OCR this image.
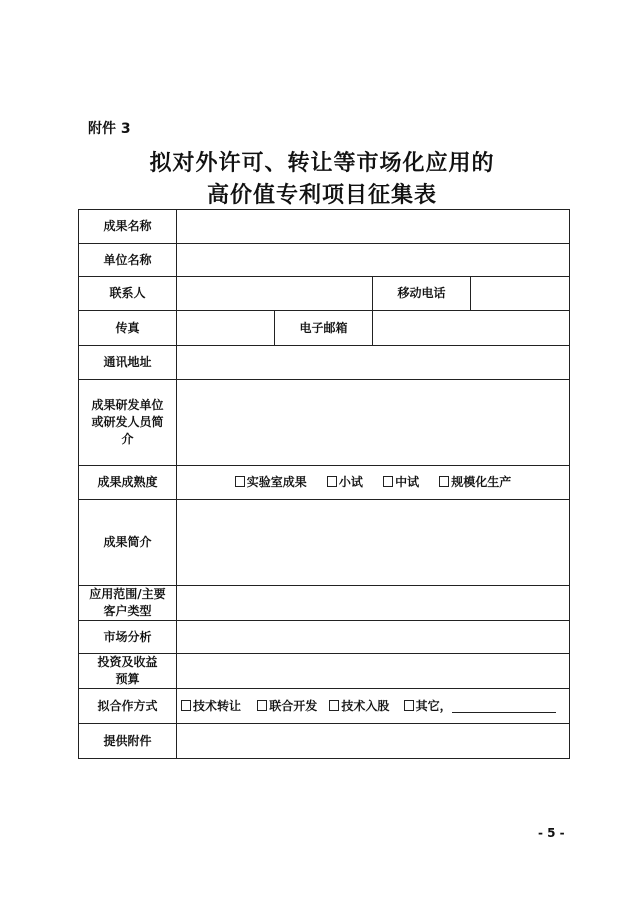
附件 3
拟对外许可、转让等市场化应用的
高价值专利项目征集表
成果名称				
单位名称				
联系人			移动电话	
传真		电子邮箱		
通讯地址				

成果研发单位或研发人员简介				

成果成熟度	实验室成果 小试 中试 规模化生产			
成果简介				

应用范围/主要客户类型				

市场分析				

投资及收益预算				

拟合作方式	技术转让 联合开发 技术入股 其它，			
提供附件				
- 5 -
